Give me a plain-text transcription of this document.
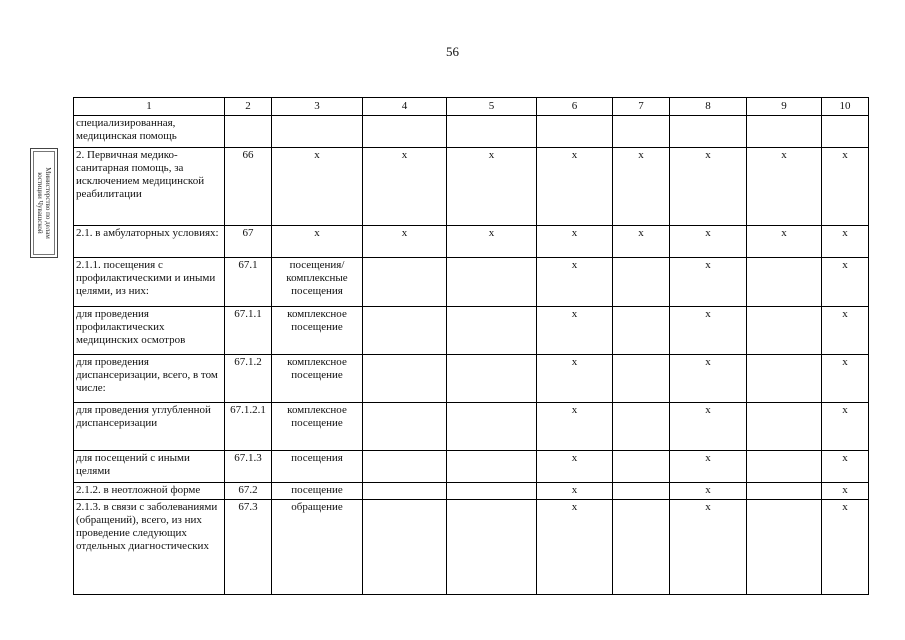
56
Министерство по делам
юстиции Чувашской
1	2	3	4	5	6	7	8	9	10
специализированная, медицинская помощь									
2. Первичная медико-санитарная помощь, за исключением медицинской реабилитации	66	х	х	х	х	х	х	х	х
2.1. в амбулаторных условиях:	67	х	х	х	х	х	х	х	х
2.1.1. посещения с профилактическими и иными целями, из них:	67.1	посещения/ комплексные посещения			х		х		х
для проведения профилактических медицинских осмотров	67.1.1	комплексное посещение			х		х		х
для проведения диспансеризации, всего, в том числе:	67.1.2	комплексное посещение			х		х		х
для проведения углубленной диспансеризации	67.1.2.1	комплексное посещение			х		х		х
для посещений с иными целями	67.1.3	посещения			х		х		х
2.1.2. в неотложной форме	67.2	посещение			х		х		х
2.1.3. в связи с заболеваниями (обращений), всего, из них проведение следующих отдельных диагностических	67.3	обращение			х		х		х
